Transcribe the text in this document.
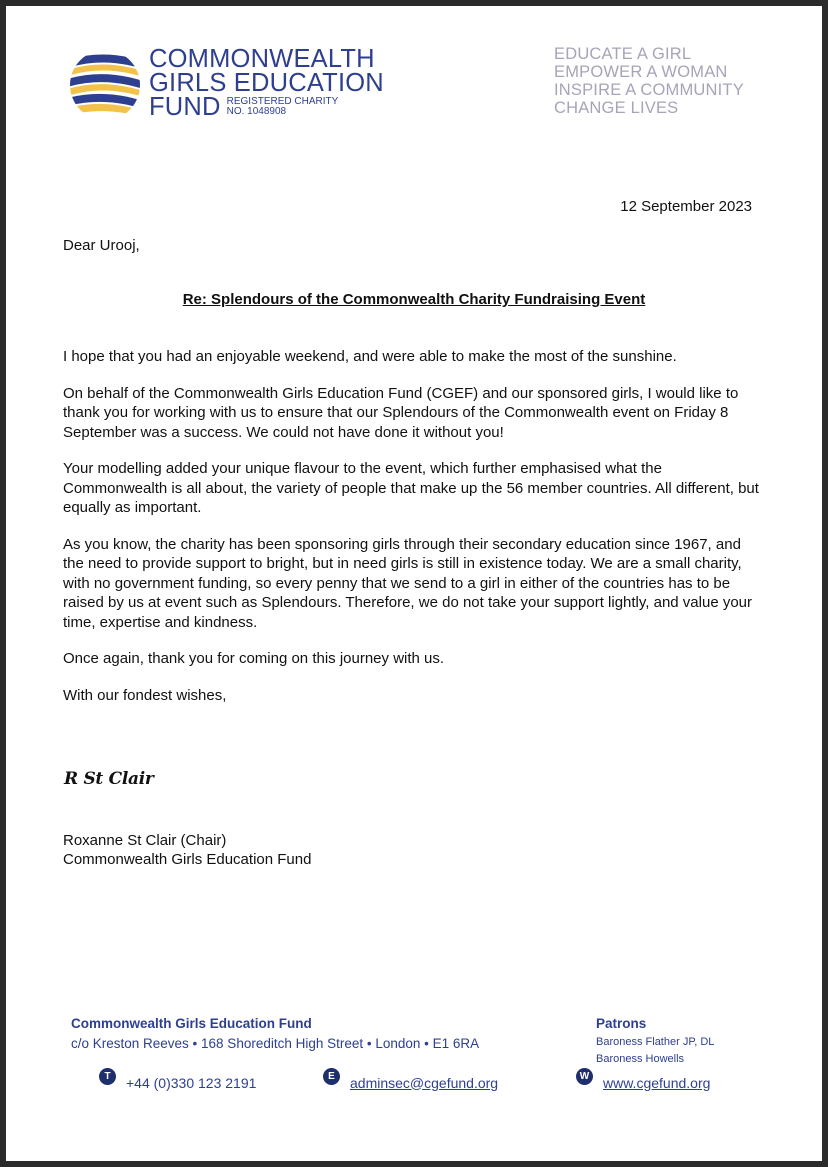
COMMONWEALTH
GIRLS EDUCATION
FUND REGISTERED CHARITY
NO. 1048908
EDUCATE A GIRL
EMPOWER A WOMAN
INSPIRE A COMMUNITY
CHANGE LIVES
12 September 2023
Dear Urooj,
Re: Splendours of the Commonwealth Charity Fundraising Event

I hope that you had an enjoyable weekend, and were able to make the most of the sunshine.

On behalf of the Commonwealth Girls Education Fund (CGEF) and our sponsored girls, I would like to thank you for working with us to ensure that our Splendours of the Commonwealth event on Friday 8 September was a success. We could not have done it without you!

Your modelling added your unique flavour to the event, which further emphasised what the Commonwealth is all about, the variety of people that make up the 56 member countries. All different, but equally as important.

As you know, the charity has been sponsoring girls through their secondary education since 1967, and the need to provide support to bright, but in need girls is still in existence today. We are a small charity, with no government funding, so every penny that we send to a girl in either of the countries has to be raised by us at event such as Splendours. Therefore, we do not take your support lightly, and value your time, expertise and kindness.

Once again, thank you for coming on this journey with us.

With our fondest wishes,

R St Clair
Roxanne St Clair (Chair)
Commonwealth Girls Education Fund
Commonwealth Girls Education Fund
c/o Kreston Reeves • 168 Shoreditch High Street • London • E1 6RA
Patrons
Baroness Flather JP, DL
Baroness Howells
T	+44 (0)330 123 2191	E	adminsec@cgefund.org	W www.cgefund.org
